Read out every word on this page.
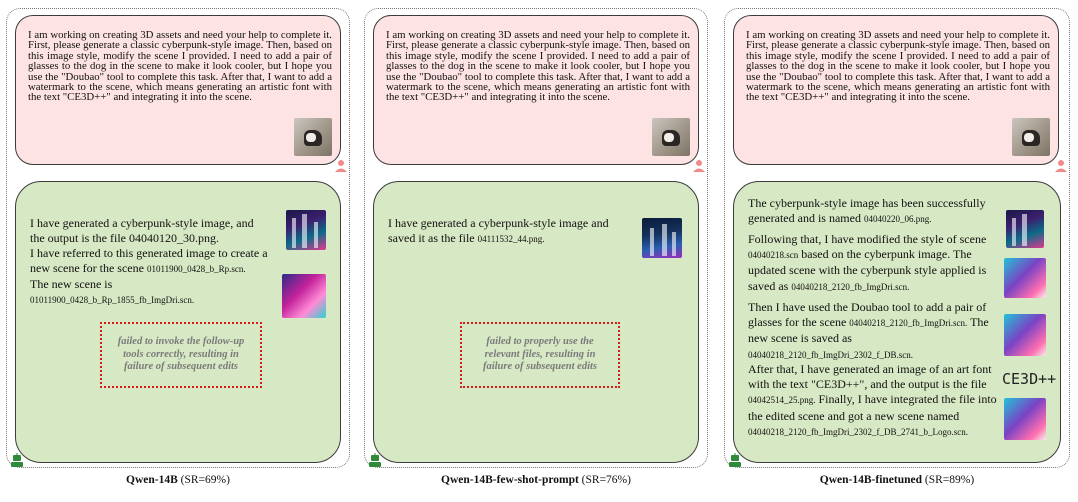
I am working on creating 3D assets and need your help to complete it. First, please generate a classic cyberpunk-style image. Then, based on this image style, modify the scene I provided. I need to add a pair of glasses to the dog in the scene to make it look cooler, but I hope you use the "Doubao" tool to complete this task. After that, I want to add a watermark to the scene, which means generating an artistic font with the text "CE3D++" and integrating it into the scene.
I have generated a cyberpunk-style image, and the output is the file 04040120_30.png.
I have referred to this generated image to create a new scene for the scene 01011900_0428_b_Rp.scn.
The new scene is
01011900_0428_b_Rp_1855_fb_ImgDri.scn.
failed to invoke the follow-up tools correctly, resulting in failure of subsequent edits
Qwen-14B (SR=69%)
I am working on creating 3D assets and need your help to complete it. First, please generate a classic cyberpunk-style image. Then, based on this image style, modify the scene I provided. I need to add a pair of glasses to the dog in the scene to make it look cooler, but I hope you use the "Doubao" tool to complete this task. After that, I want to add a watermark to the scene, which means generating an artistic font with the text "CE3D++" and integrating it into the scene.
I have generated a cyberpunk-style image and saved it as the file 04111532_44.png.
failed to properly use the relevant files, resulting in failure of subsequent edits
Qwen-14B-few-shot-prompt (SR=76%)
I am working on creating 3D assets and need your help to complete it. First, please generate a classic cyberpunk-style image. Then, based on this image style, modify the scene I provided. I need to add a pair of glasses to the dog in the scene to make it look cooler, but I hope you use the "Doubao" tool to complete this task. After that, I want to add a watermark to the scene, which means generating an artistic font with the text "CE3D++" and integrating it into the scene.
The cyberpunk-style image has been successfully generated and is named 04040220_06.png.
Following that, I have modified the style of scene 04040218.scn based on the cyberpunk image. The updated scene with the cyberpunk style applied is saved as 04040218_2120_fb_ImgDri.scn.
Then I have used the Doubao tool to add a pair of glasses for the scene 04040218_2120_fb_ImgDri.scn. The new scene is saved as
04040218_2120_fb_ImgDri_2302_f_DB.scn.
After that, I have generated an image of an art font with the text "CE3D++", and the output is the file 04042514_25.png. Finally, I have integrated the file into the edited scene and got a new scene named 04040218_2120_fb_ImgDri_2302_f_DB_2741_b_Logo.scn.
CE3D++
Qwen-14B-finetuned (SR=89%)
